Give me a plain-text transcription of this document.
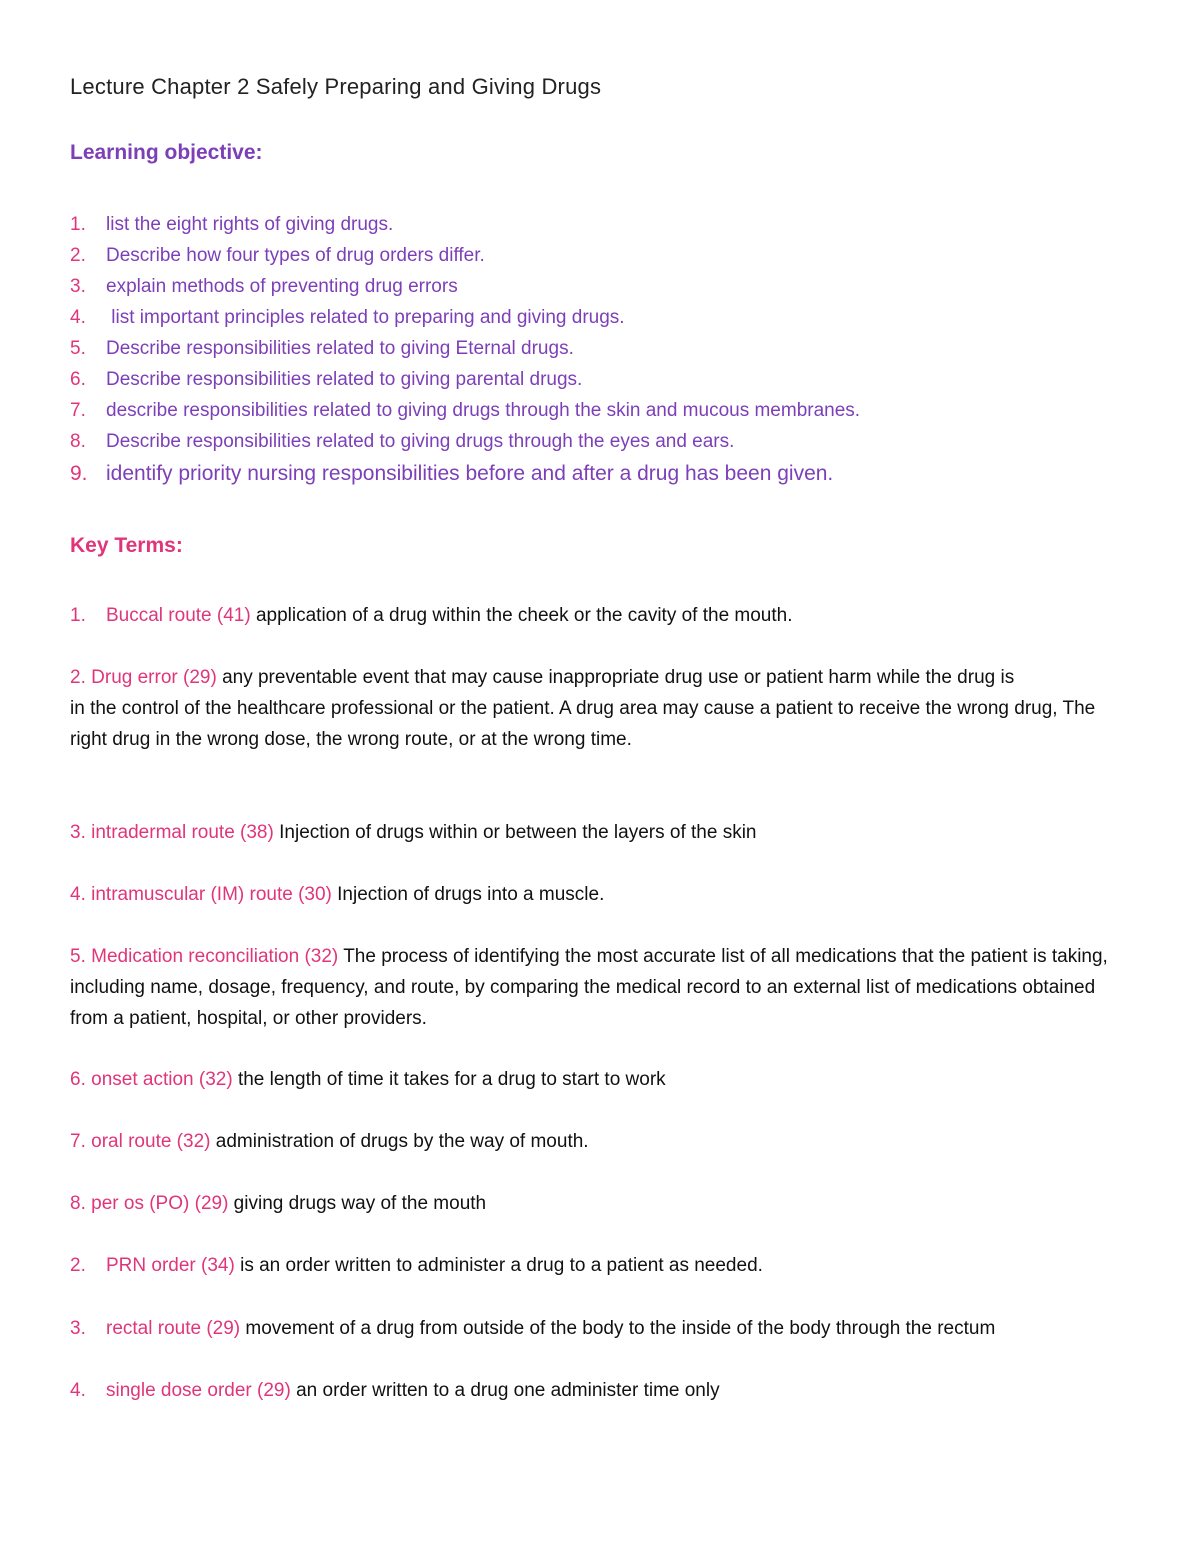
Lecture Chapter 2 Safely Preparing and Giving Drugs
Learning objective:
1. list the eight rights of giving drugs.
2. Describe how four types of drug orders differ.
3. explain methods of preventing drug errors
4. list important principles related to preparing and giving drugs.
5. Describe responsibilities related to giving Eternal drugs.
6. Describe responsibilities related to giving parental drugs.
7. describe responsibilities related to giving drugs through the skin and mucous membranes.
8. Describe responsibilities related to giving drugs through the eyes and ears.
9. identify priority nursing responsibilities before and after a drug has been given.
Key Terms:
1. Buccal route (41) application of a drug within the cheek or the cavity of the mouth.
2. Drug error (29) any preventable event that may cause inappropriate drug use or patient harm while the drug is
in the control of the healthcare professional or the patient. A drug area may cause a patient to receive the wrong drug, The right drug in the wrong dose, the wrong route, or at the wrong time.
3. intradermal route (38) Injection of drugs within or between the layers of the skin
4. intramuscular (IM) route (30) Injection of drugs into a muscle.
5. Medication reconciliation (32) The process of identifying the most accurate list of all medications that the patient is taking, including name, dosage, frequency, and route, by comparing the medical record to an external list of medications obtained from a patient, hospital, or other providers.
6. onset action (32) the length of time it takes for a drug to start to work
7. oral route (32) administration of drugs by the way of mouth.
8. per os (PO) (29) giving drugs way of the mouth
2. PRN order (34) is an order written to administer a drug to a patient as needed.
3. rectal route (29) movement of a drug from outside of the body to the inside of the body through the rectum
4. single dose order (29) an order written to a drug one administer time only
